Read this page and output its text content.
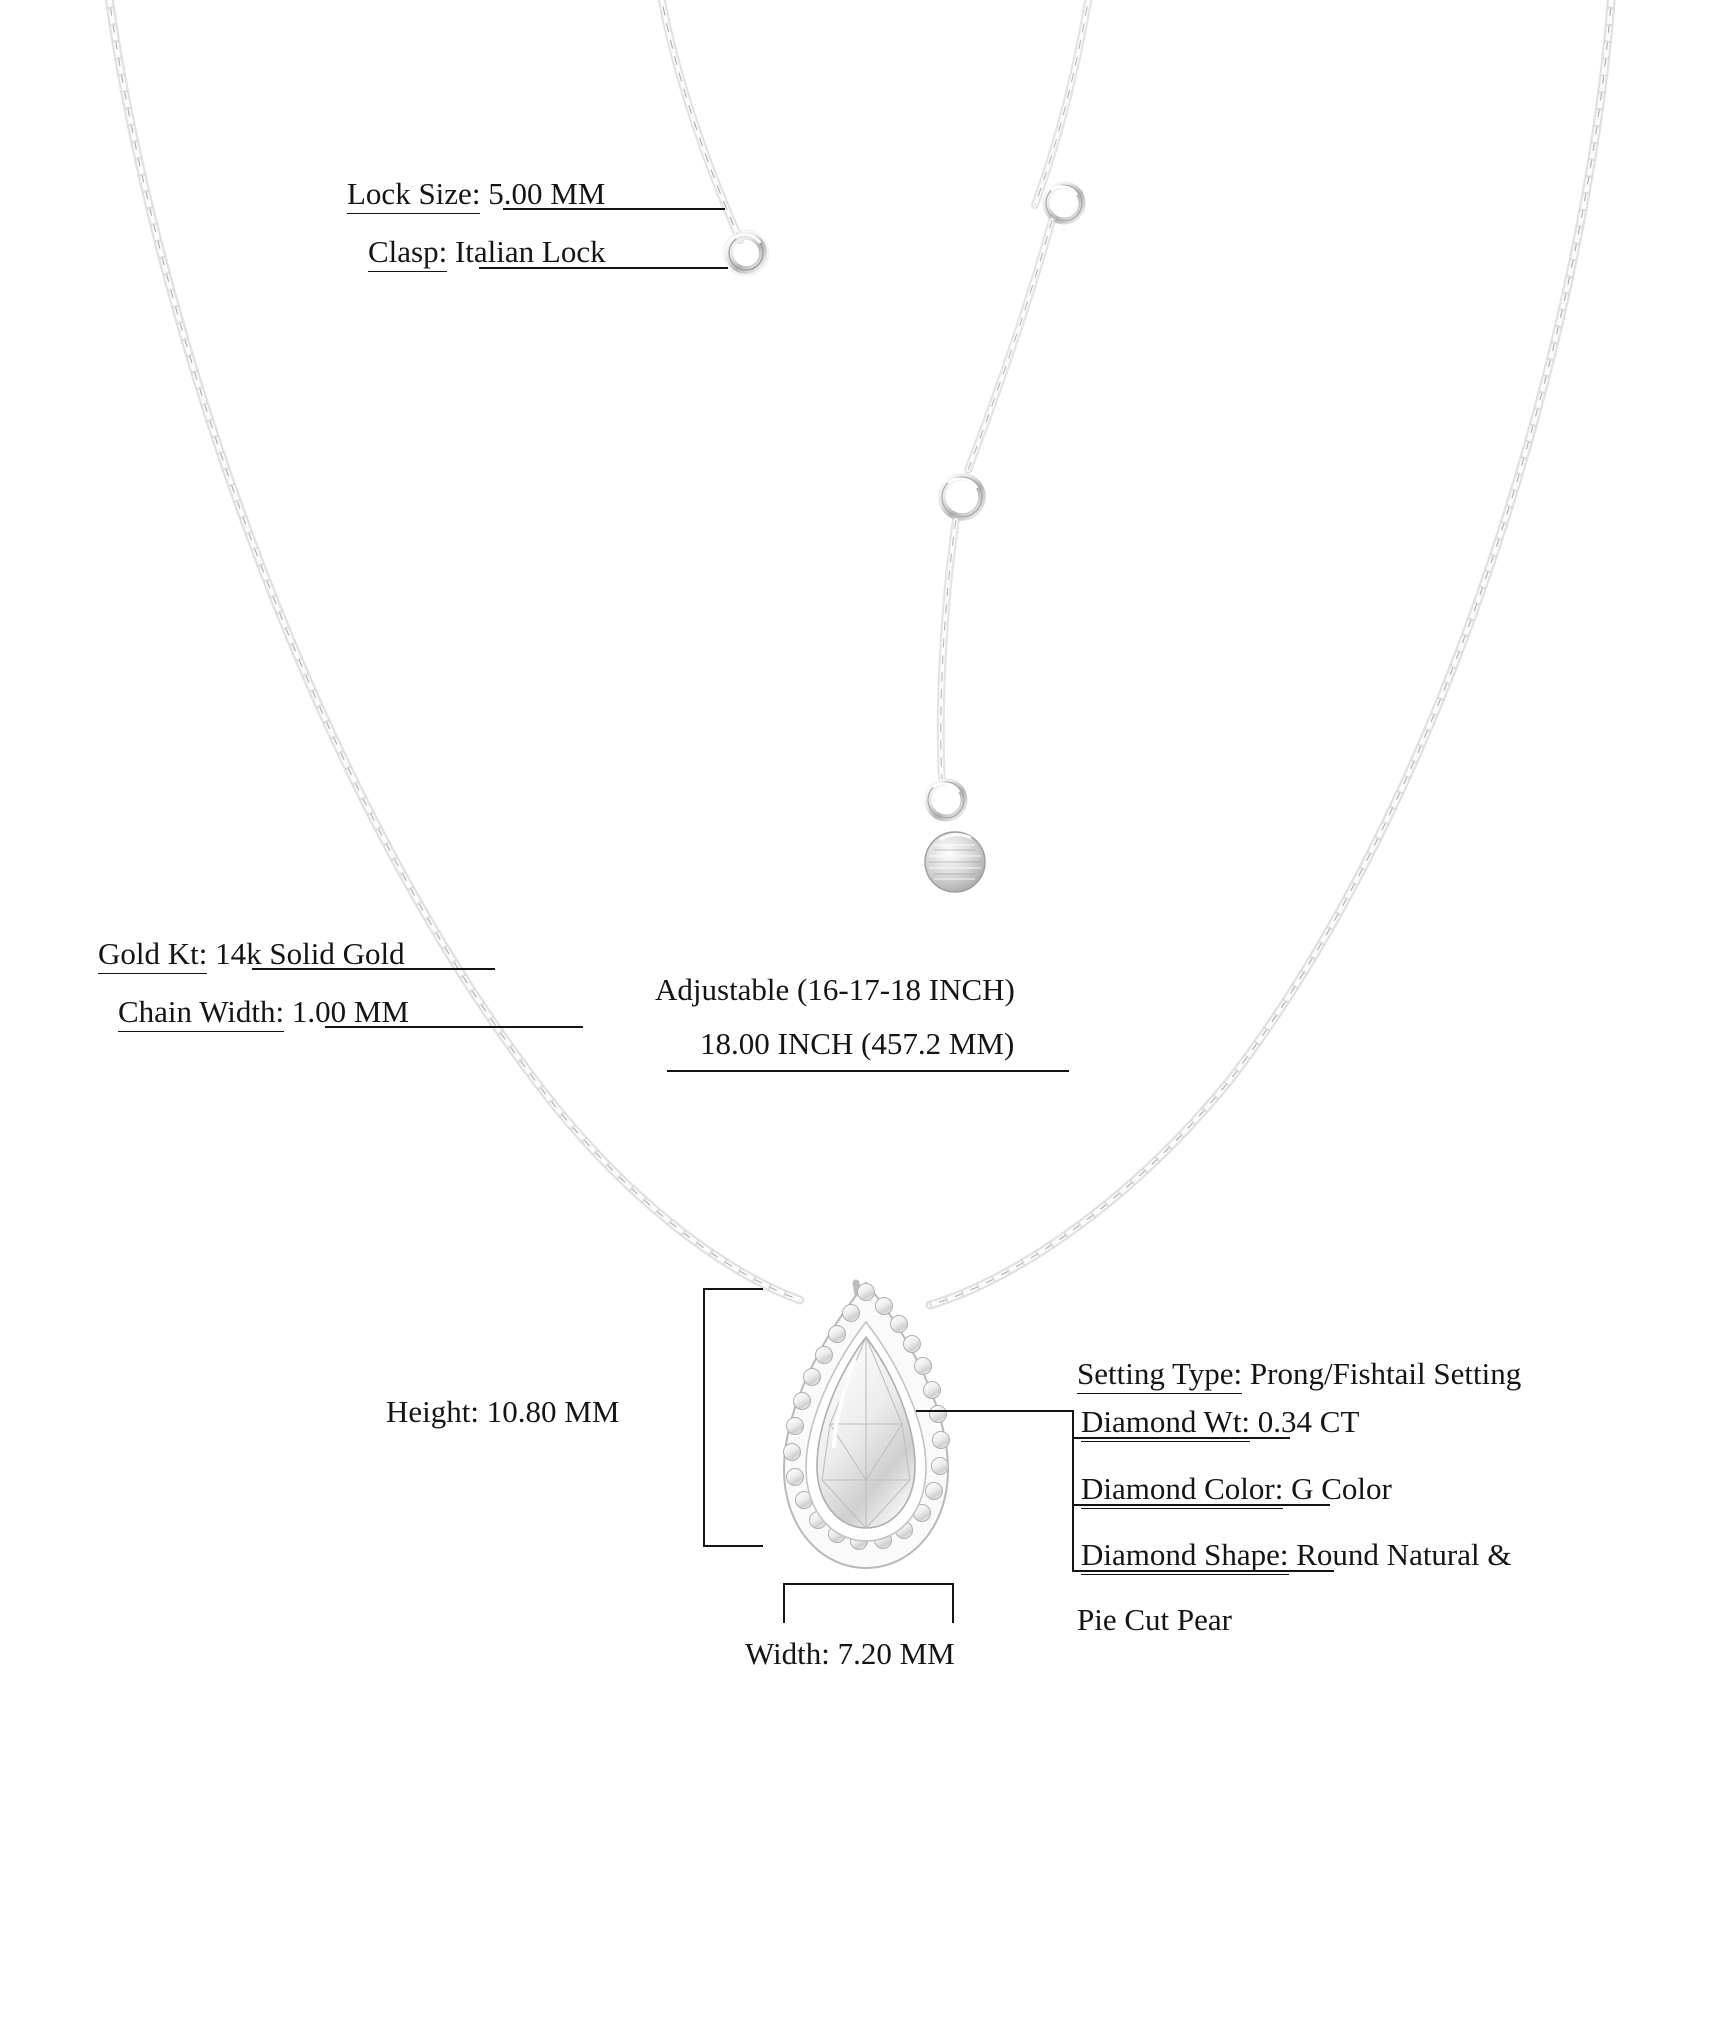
Lock Size: 5.00 MM
Clasp: Italian Lock
Gold Kt: 14k Solid Gold
Chain Width: 1.00 MM
Adjustable (16-17-18 INCH)
18.00 INCH (457.2 MM)
Height: 10.80 MM
Width: 7.20 MM
Setting Type: Prong/Fishtail Setting
Diamond Wt: 0.34 CT
Diamond Color: G Color
Diamond Shape: Round Natural &
Pie Cut Pear
